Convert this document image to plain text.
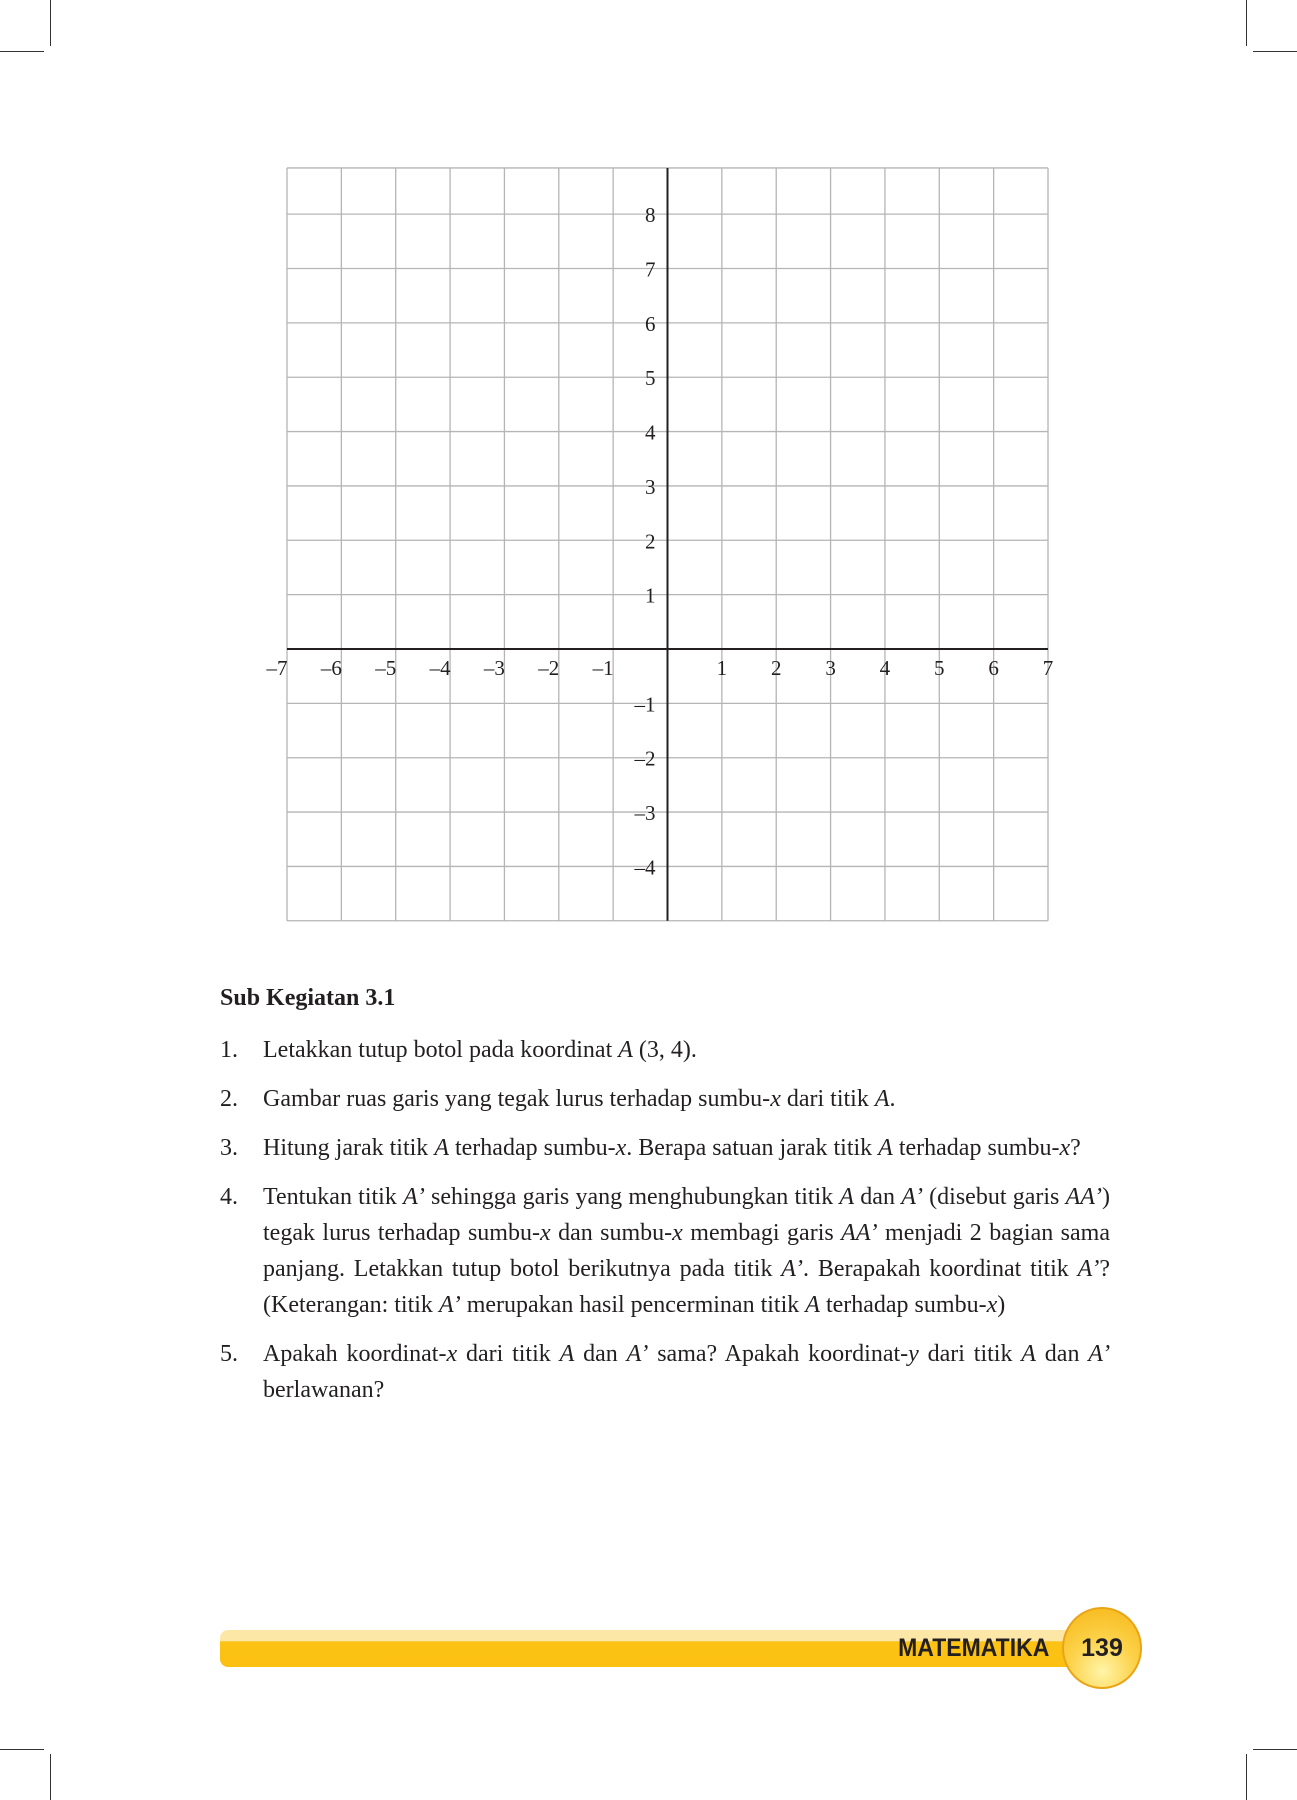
–7 –6 –5 –4 –3 –2 –1	1 2 3 4 5 6 7
8
7
6
5
4
3
2
1
–1
–2
–3
–4
Sub Kegiatan 3.1
1. Letakkan tutup botol pada koordinat A (3, 4).
2. Gambar ruas garis yang tegak lurus terhadap sumbu-x dari titik A.
3. Hitung jarak titik A terhadap sumbu-x. Berapa satuan jarak titik A terhadap sumbu-x?
4. Tentukan titik A’ sehingga garis yang menghubungkan titik A dan A’ (disebut garis AA’) tegak lurus terhadap sumbu-x dan sumbu-x membagi garis AA’ menjadi 2 bagian sama panjang. Letakkan tutup botol berikutnya pada titik A’. Berapakah koordinat titik A’? (Keterangan: titik A’ merupakan hasil pencerminan titik A terhadap sumbu-x)
5. Apakah koordinat-x dari titik A dan A’ sama? Apakah koordinat-y dari titik A dan A’ berlawanan?
MATEMATIKA	139
